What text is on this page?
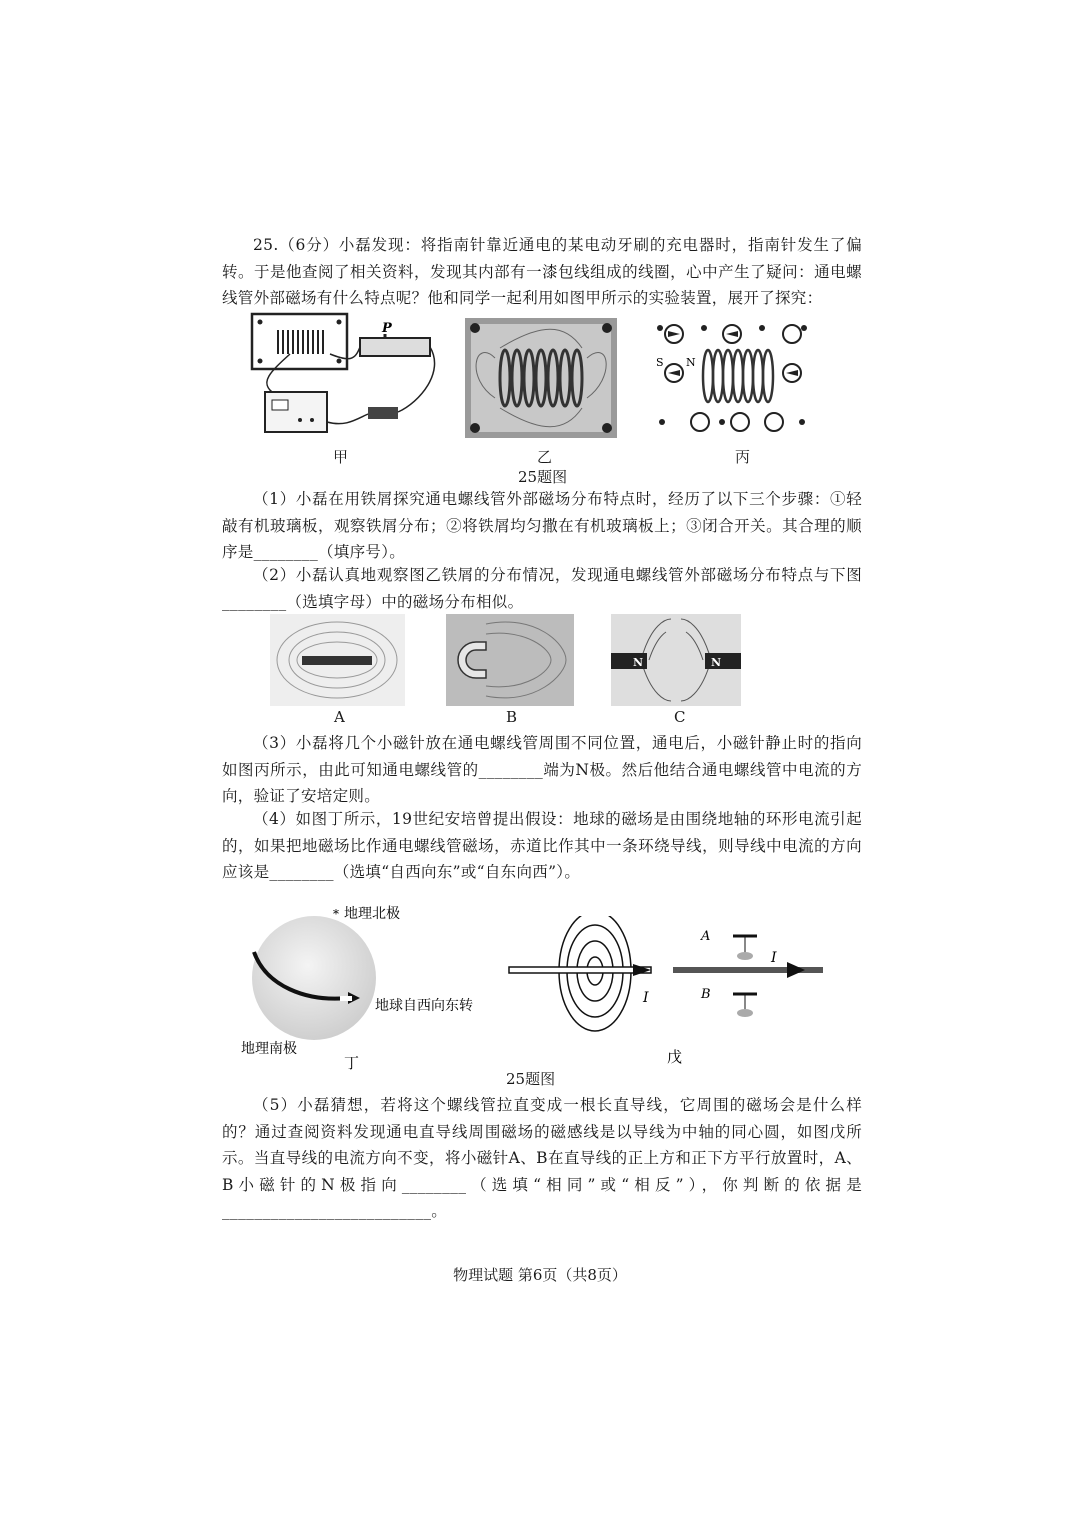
25.（6分）小磊发现：将指南针靠近通电的某电动牙刷的充电器时，指南针发生了偏转。于是他查阅了相关资料，发现其内部有一漆包线组成的线圈，心中产生了疑问：通电螺线管外部磁场有什么特点呢？他和同学一起利用如图甲所示的实验装置，展开了探究：
P
甲	乙
S N
丙
25题图
（1）小磊在用铁屑探究通电螺线管外部磁场分布特点时，经历了以下三个步骤：①轻敲有机玻璃板，观察铁屑分布；②将铁屑均匀撒在有机玻璃板上；③闭合开关。其合理的顺序是________（填序号）。
（2）小磊认真地观察图乙铁屑的分布情况，发现通电螺线管外部磁场分布特点与下图________（选填字母）中的磁场分布相似。
A	B
N	N
C
（3）小磊将几个小磁针放在通电螺线管周围不同位置，通电后，小磁针静止时的指向如图丙所示，由此可知通电螺线管的________端为N极。然后他结合通电螺线管中电流的方向，验证了安培定则。
（4）如图丁所示，19世纪安培曾提出假设：地球的磁场是由围绕地轴的环形电流引起的，如果把地磁场比作通电螺线管磁场，赤道比作其中一条环绕导线，则导线中电流的方向应该是________（选填“自西向东”或“自东向西”）。
* 地理北极
地球自西向东转
地理南极
丁
I
I
A
B
戊
25题图
（5）小磊猜想，若将这个螺线管拉直变成一根长直导线，它周围的磁场会是什么样的？通过查阅资料发现通电直导线周围磁场的磁感线是以导线为中轴的同心圆，如图戊所示。当直导线的电流方向不变，将小磁针A、B在直导线的正上方和正下方平行放置时，A、B小磁针的N极指向________（选填“相同”或“相反”），你判断的依据是__________________________。
物理试题 第6页（共8页）
